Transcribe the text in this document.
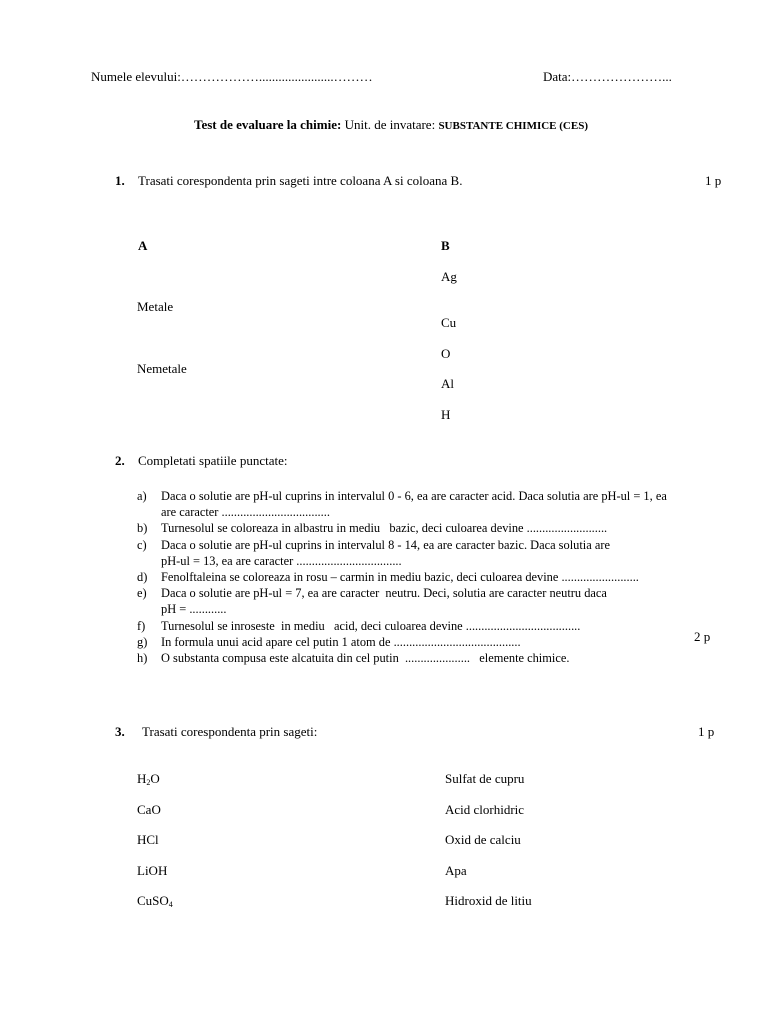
Numele elevului:……………….......................………	Data:…………………...
Test de evaluare la chimie: Unit. de invatare: SUBSTANTE CHIMICE (CES)
1. Trasati corespondenta prin sageti intre coloana A si coloana B.	1 p
A	B
Metale
Nemetale
Ag
Cu
O
Al
H
2. Completati spatiile punctate:
a)	Daca o solutie are pH-ul cuprins in intervalul 0 - 6, ea are caracter acid. Daca solutia are pH-ul = 1, ea
are caracter ...................................
b)	Turnesolul se coloreaza in albastru in mediu   bazic, deci culoarea devine ..........................
c)	Daca o solutie are pH-ul cuprins in intervalul 8 - 14, ea are caracter bazic. Daca solutia are
pH-ul = 13, ea are caracter ..................................
d)	Fenolftaleina se coloreaza in rosu – carmin in mediu bazic, deci culoarea devine .........................
e)	Daca o solutie are pH-ul = 7, ea are caracter  neutru. Deci, solutia are caracter neutru daca
pH = ............
f)	Turnesolul se inroseste  in mediu   acid, deci culoarea devine .....................................
g)	In formula unui acid apare cel putin 1 atom de .........................................
h)	O substanta compusa este alcatuita din cel putin  .....................   elemente chimice.
2 p
3. Trasati corespondenta prin sageti:	1 p
$H_2O$
CaO
HCl
LiOH
CuSO$_4$
Sulfat de cupru
Acid clorhidric
Oxid de calciu
Apa
Hidroxid de litiu
